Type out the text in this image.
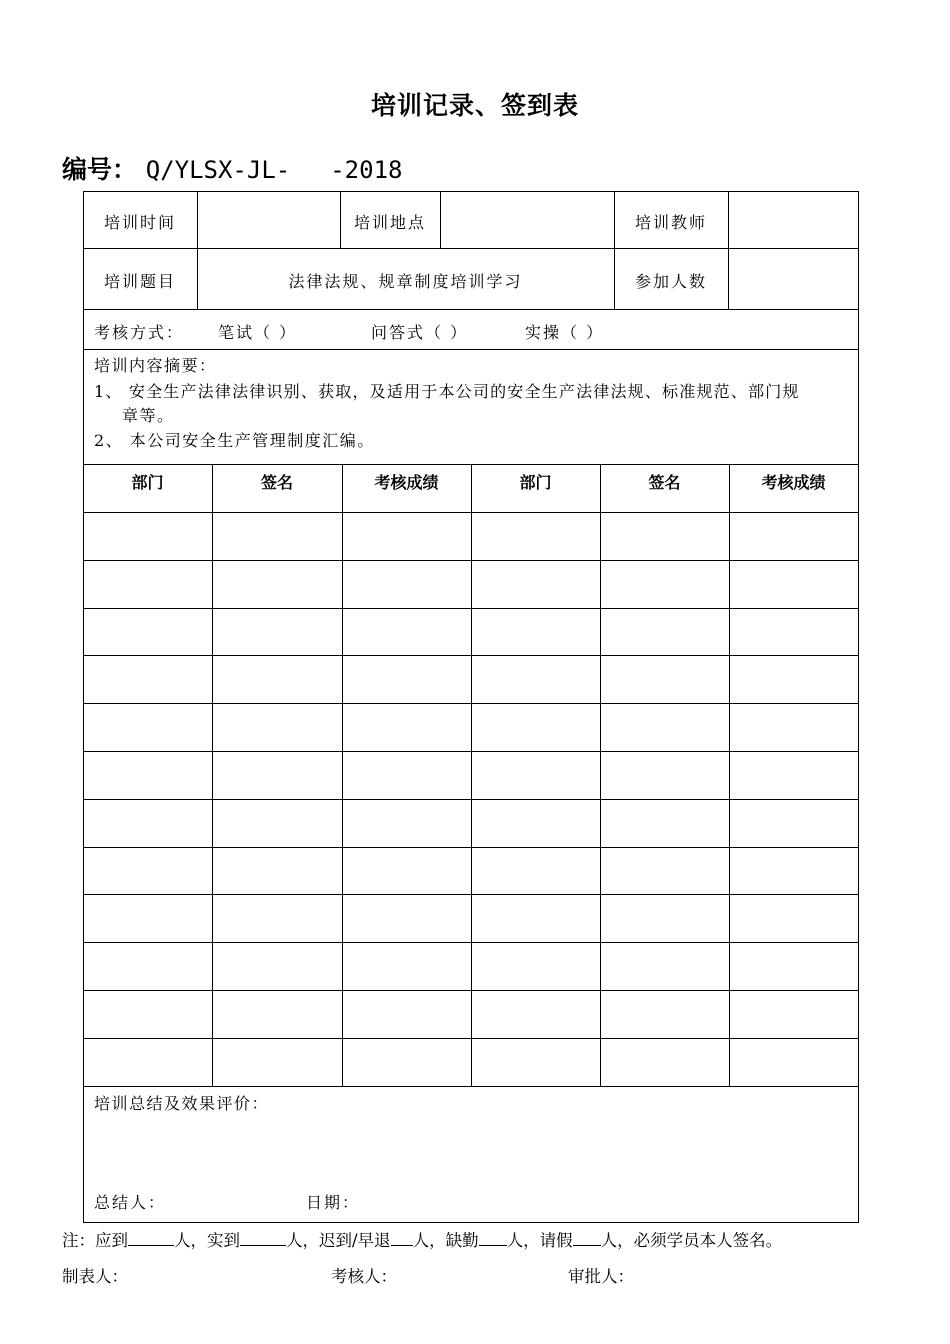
培训记录、签到表
编号： Q/YLSX-JL- -2018
培训时间	培训地点	培训教师
培训题目	法律法规、规章制度培训学习	参加人数
考核方式： 笔试（ ）	问答式（ ）	实操（ ）
培训内容摘要：
1、 安全生产法律法律识别、获取，及适用于本公司的安全生产法律法规、标准规范、部门规
章等。
2、 本公司安全生产管理制度汇编。
部门	签名	考核成绩	部门	签名	考核成绩
培训总结及效果评价：
总结人：	日期：
注：应到	人，实到	人，迟到/早退 人，缺勤 人，请假 人，必须学员本人签名。
制表人：	考核人：	审批人：
